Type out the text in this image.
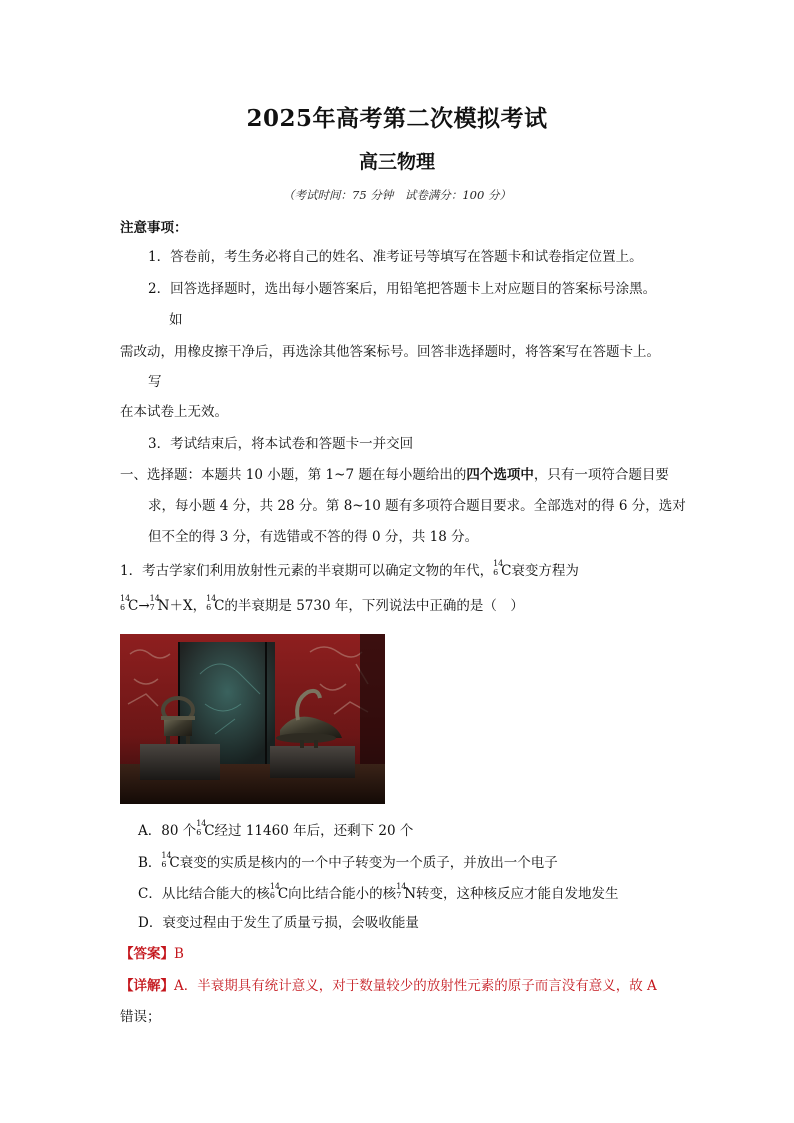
2025年高考第二次模拟考试
高三物理
（考试时间：75 分钟　试卷满分：100 分）
注意事项：
1．答卷前，考生务必将自己的姓名、准考证号等填写在答题卡和试卷指定位置上。
2．回答选择题时，选出每小题答案后，用铅笔把答题卡上对应题目的答案标号涂黑。
如
需改动，用橡皮擦干净后，再选涂其他答案标号。回答非选择题时，将答案写在答题卡上。
写
在本试卷上无效。
3．考试结束后，将本试卷和答题卡一并交回
一、选择题：本题共 10 小题，第 1~7 题在每小题给出的四个选项中，只有一项符合题目要
求，每小题 4 分，共 28 分。第 8~10 题有多项符合题目要求。全部选对的得 6 分，选对
但不全的得 3 分，有选错或不答的得 0 分，共 18 分。
1．考古学家们利用放射性元素的半衰期可以确定文物的年代， 14
6 C衰变方程为
14
6 C→ 14
7 N＋X， 14
6 C的半衰期是 5730 年，下列说法中正确的是（　）
A．80 个 14
6 C经过 11460 年后，还剩下 20 个
B． 14
6 C衰变的实质是核内的一个中子转变为一个质子，并放出一个电子
C．从比结合能大的核 14
6 C向比结合能小的核 14
7 N转变，这种核反应才能自发地发生
D．衰变过程由于发生了质量亏损，会吸收能量
【答案】B
【详解】A．半衰期具有统计意义，对于数量较少的放射性元素的原子而言没有意义，故 A
错误；
